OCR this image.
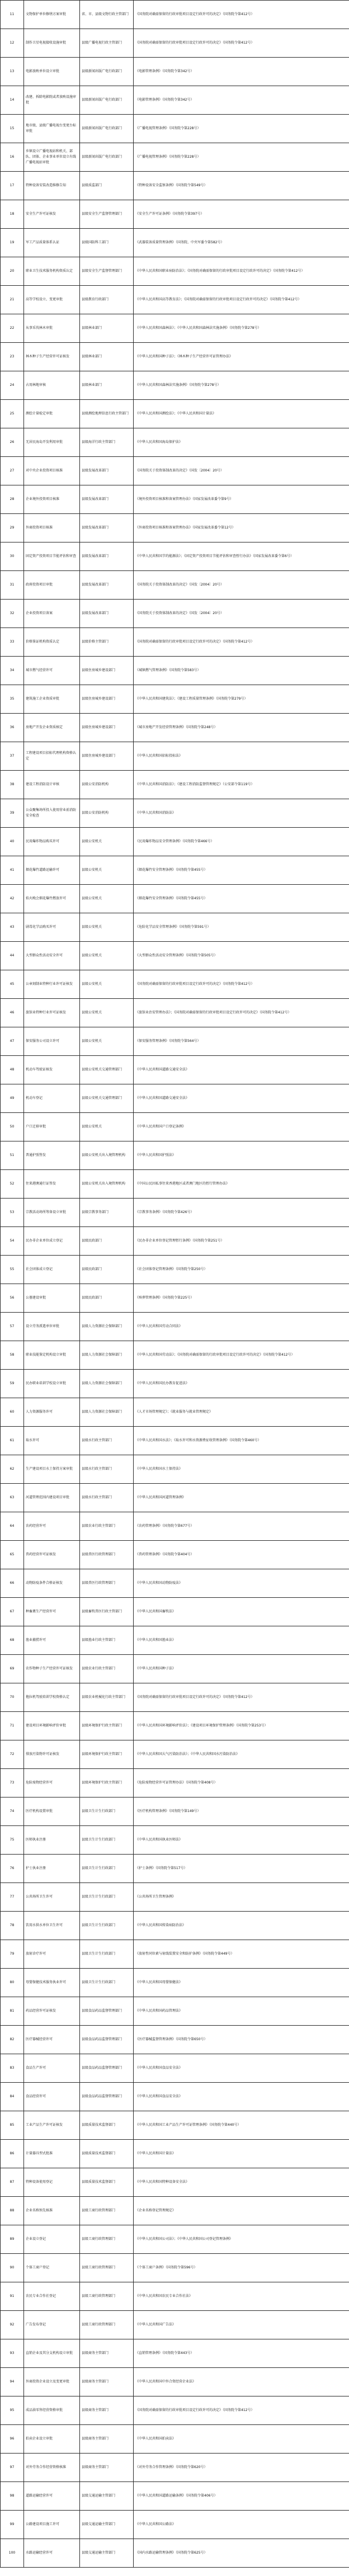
11	文物保护单位修缮方案审批	省、市、县级文物行政主管部门	《国务院对确需保留的行政审批项目设定行政许可的决定》（国务院令第412号）
12	制作卫星电视接收设施审批	县级广播电视行政主管部门	《国务院对确需保留的行政审批项目设定行政许可的决定》（国务院令第412号）
13	电影放映单位设立审批	县级新闻出版广电行政部门	《电影管理条例》（国务院令第342号）
14	改建、拆除电影院或者放映设施审批	县级新闻出版广电行政部门	《电影管理条例》（国务院令第342号）
15	地市级、县级广播电视台变更台标审批	县级新闻出版广电行政部门	《广播电视管理条例》（国务院令第228号）
16	乡镇设立广播电视站和机关、部队、团体、企业事业单位设立有线广播电视站审批	县级新闻出版广电行政部门	《广播电视管理条例》（国务院令第228号）
17	特种设备安装改造维修告知	县级质监部门	《特种设备安全监察条例》（国务院令第549号）
18	安全生产许可证核发	县级安全生产监督管理部门	《安全生产许可证条例》（国务院令第397号）
19	军工产品质量体系认证	县级国防科工部门	《武器装备质量管理条例》（国务院、中央军委令第582号）
20	职业卫生技术服务机构资质认定	县级安全生产监督管理部门	《中华人民共和国职业病防治法》；《国务院对确需保留的行政审批项目设定行政许可的决定》（国务院令第412号）
21	高等学校设立、变更审批	县级教育行政部门	《中华人民共和国高等教育法》；《国务院对确需保留的行政审批项目设定行政许可的决定》（国务院令第412号）
22	从事采伐林木审批	县级林业部门	《中华人民共和国森林法》；《中华人民共和国森林法实施条例》（国务院令第278号）
23	林木种子生产经营许可证核发	县级林业部门	《中华人民共和国种子法》；《林木种子生产经营许可证管理办法》
24	占用林地审核	县级林业部门	《中华人民共和国森林法实施条例》（国务院令第278号）
25	测绘计量检定审批	县级测绘地理信息行政主管部门	《中华人民共和国测绘法》；《中华人民共和国计量法》
26	无居民海岛开发利用审批	县级海洋行政主管部门	《中华人民共和国海岛保护法》
27	对中央企业投资项目核准	县级发展改革部门	《国务院关于投资体制改革的决定》（国发〔2004〕20号）
28	企业境外投资项目核准	县级发展改革部门	《境外投资项目核准和备案管理办法》（国家发展改革委令第9号）
29	外商投资项目核准	县级发展改革部门	《外商投资项目核准和备案管理办法》（国家发展改革委令第12号）
30	固定资产投资项目节能评估和审查	县级发展改革部门	《中华人民共和国节约能源法》；《固定资产投资项目节能评估和审查暂行办法》（国家发展改革委令第6号）
31	政府投资项目审批	县级发展改革部门	《国务院关于投资体制改革的决定》（国发〔2004〕20号）
32	企业投资项目备案	县级发展改革部门	《国务院关于投资体制改革的决定》（国发〔2004〕20号）
33	价格鉴证机构资质认定	县级价格主管部门	《国务院对确需保留的行政审批项目设定行政许可的决定》（国务院令第412号）
34	城市燃气经营许可	县级住房城乡建设部门	《城镇燃气管理条例》（国务院令第583号）
35	建筑施工企业资质审批	县级住房城乡建设部门	《中华人民共和国建筑法》；《建设工程质量管理条例》（国务院令第279号）
36	房地产开发企业资质核定	县级住房城乡建设部门	《城市房地产开发经营管理条例》（国务院令第248号）
37	工程建设项目招标代理机构资格认定	县级住房城乡建设部门	《中华人民共和国招标投标法》
38	建设工程消防设计审核	县级公安消防机构	《中华人民共和国消防法》；《建设工程消防监督管理规定》（公安部令第119号）
39	公众聚集场所投入使用营业前消防安全检查	县级公安消防机构	《中华人民共和国消防法》
40	民用爆炸物品购买许可	县级公安机关	《民用爆炸物品安全管理条例》（国务院令第466号）
41	烟花爆竹道路运输许可	县级公安机关	《烟花爆竹安全管理条例》（国务院令第455号）
42	焰火晚会烟花爆竹燃放许可	县级公安机关	《烟花爆竹安全管理条例》（国务院令第455号）
43	剧毒化学品购买许可	县级公安机关	《危险化学品安全管理条例》（国务院令第591号）
44	大型群众性活动安全许可	县级公安机关	《大型群众性活动安全管理条例》（国务院令第505号）
45	公章刻制业特种行业许可证核发	县级公安机关	《国务院对确需保留的行政审批项目设定行政许可的决定》（国务院令第412号）
46	旅馆业特种行业许可证核发	县级公安机关	《旅馆业治安管理办法》；《国务院对确需保留的行政审批项目设定行政许可的决定》（国务院令第412号）
47	保安服务公司设立许可	县级公安机关	《保安服务管理条例》（国务院令第564号）
48	机动车驾驶证核发	县级公安机关交通管理部门	《中华人民共和国道路交通安全法》
49	机动车登记	县级公安机关交通管理部门	《中华人民共和国道路交通安全法》
50	户口迁移审批	县级公安机关	《中华人民共和国户口登记条例》
51	普通护照签发	县级公安机关出入境管理机构	《中华人民共和国护照法》
52	往来港澳通行证签发	县级公安机关出入境管理机构	《中国公民因私事往来香港地区或者澳门地区的暂行管理办法》
53	宗教活动场所筹备设立审批	县级宗教事务部门	《宗教事务条例》（国务院令第426号）
54	民办非企业单位成立登记	县级民政部门	《民办非企业单位登记管理暂行条例》（国务院令第251号）
55	社会团体成立登记	县级民政部门	《社会团体登记管理条例》（国务院令第250号）
56	公墓建设审批	县级民政部门	《殡葬管理条例》（国务院令第225号）
57	设立劳务派遣单位审批	县级人力资源社会保障部门	《中华人民共和国劳动合同法》
58	职业技能鉴定机构设立审批	县级人力资源社会保障部门	《中华人民共和国劳动法》；《国务院对确需保留的行政审批项目设定行政许可的决定》（国务院令第412号）
59	民办职业培训学校设立审批	县级人力资源社会保障部门	《中华人民共和国民办教育促进法》
60	人力资源服务许可	县级人力资源社会保障部门	《人才市场管理规定》；《就业服务与就业管理规定》
61	取水许可	县级水行政主管部门	《中华人民共和国水法》；《取水许可和水资源费征收管理条例》（国务院令第460号）
62	生产建设项目水土保持方案审批	县级水行政主管部门	《中华人民共和国水土保持法》
63	河道管理范围内建设项目审批	县级水行政主管部门	《中华人民共和国河道管理条例》
64	农药经营许可	县级农业行政主管部门	《农药管理条例》（国务院令第677号）
65	兽药经营许可证核发	县级兽医行政管理部门	《兽药管理条例》（国务院令第404号）
66	动物防疫条件合格证核发	县级兽医行政管理部门	《中华人民共和国动物防疫法》
67	种畜禽生产经营许可	县级畜牧兽医行政主管部门	《中华人民共和国畜牧法》
68	渔业捕捞许可	县级渔业行政主管部门	《中华人民共和国渔业法》
69	农作物种子生产经营许可证核发	县级农业行政主管部门	《中华人民共和国种子法》
70	拖拉机驾驶培训学校资格认定	县级农业机械化行政主管部门	《国务院对确需保留的行政审批项目设定行政许可的决定》（国务院令第412号）
71	建设项目环境影响评价审批	县级环境保护行政主管部门	《中华人民共和国环境影响评价法》；《建设项目环境保护管理条例》（国务院令第253号）
72	排放污染物许可证核发	县级环境保护行政主管部门	《中华人民共和国大气污染防治法》；《中华人民共和国水污染防治法》
73	危险废物经营许可	县级环境保护行政主管部门	《危险废物经营许可证管理办法》（国务院令第408号）
74	医疗机构设置审批	县级卫生计生行政部门	《医疗机构管理条例》（国务院令第149号）
75	医师执业注册	县级卫生计生行政部门	《中华人民共和国执业医师法》
76	护士执业注册	县级卫生计生行政部门	《护士条例》（国务院令第517号）
77	公共场所卫生许可	县级卫生计生行政部门	《公共场所卫生管理条例》
78	饮用水供水单位卫生许可	县级卫生计生行政部门	《中华人民共和国传染病防治法》
79	放射诊疗许可	县级卫生计生行政部门	《放射性同位素与射线装置安全和防护条例》（国务院令第449号）
80	母婴保健技术服务执业许可	县级卫生计生行政部门	《中华人民共和国母婴保健法》
81	药品经营许可证核发	县级食品药品监督管理部门	《中华人民共和国药品管理法》
82	医疗器械经营许可	县级食品药品监督管理部门	《医疗器械监督管理条例》（国务院令第650号）
83	食品生产许可	县级食品药品监督管理部门	《中华人民共和国食品安全法》
84	食品经营许可	县级食品药品监督管理部门	《中华人民共和国食品安全法》
85	工业产品生产许可证核发	县级质量技术监督部门	《中华人民共和国工业产品生产许可证管理条例》（国务院令第440号）
86	计量器具型式批准	县级质量技术监督部门	《中华人民共和国计量法》
87	特种设备使用登记	县级质量技术监督部门	《中华人民共和国特种设备安全法》
88	企业名称预先核准	县级工商行政管理部门	《企业名称登记管理规定》
89	企业设立登记	县级工商行政管理部门	《中华人民共和国公司法》；《中华人民共和国公司登记管理条例》
90	个体工商户登记	县级工商行政管理部门	《个体工商户条例》（国务院令第596号）
91	农民专业合作社登记	县级工商行政管理部门	《中华人民共和国农民专业合作社法》
92	广告发布登记	县级工商行政管理部门	《中华人民共和国广告法》
93	直销企业及其分支机构设立审批	县级商务主管部门	《直销管理条例》（国务院令第443号）
94	外商投资企业设立及变更审批	县级商务主管部门	《中华人民共和国中外合资经营企业法》
95	成品油零售经营资格审批	县级商务主管部门	《国务院对确需保留的行政审批项目设定行政许可的决定》（国务院令第412号）
96	拍卖企业设立审批	县级商务主管部门	《中华人民共和国拍卖法》
97	对外劳务合作经营资格核准	县级商务主管部门	《对外劳务合作管理条例》（国务院令第620号）
98	道路运输经营许可	县级交通运输主管部门	《中华人民共和国道路运输条例》（国务院令第406号）
99	公路建设项目施工许可	县级交通运输主管部门	《中华人民共和国公路法》
100	水路运输经营许可	县级交通运输主管部门	《国内水路运输管理条例》（国务院令第625号）
